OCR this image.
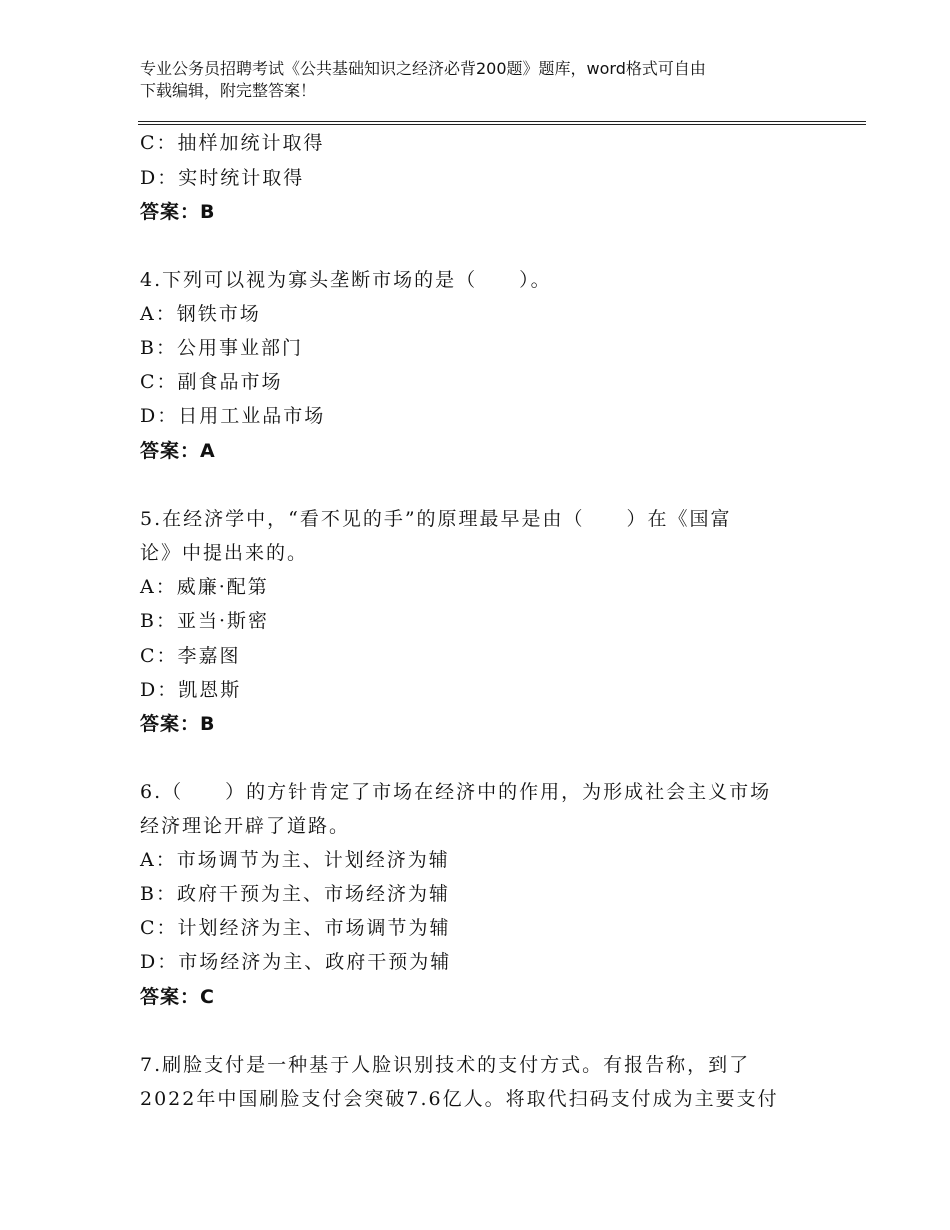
专业公务员招聘考试《公共基础知识之经济必背200题》题库，word格式可自由
下载编辑，附完整答案！
C：抽样加统计取得
D：实时统计取得
答案：B
4.下列可以视为寡头垄断市场的是（　　）。
A：钢铁市场
B：公用事业部门
C：副食品市场
D：日用工业品市场
答案：A
5.在经济学中，“看不见的手”的原理最早是由（　　）在《国富
论》中提出来的。
A：威廉·配第
B：亚当·斯密
C：李嘉图
D：凯恩斯
答案：B
6.（　　）的方针肯定了市场在经济中的作用，为形成社会主义市场
经济理论开辟了道路。
A：市场调节为主、计划经济为辅
B：政府干预为主、市场经济为辅
C：计划经济为主、市场调节为辅
D：市场经济为主、政府干预为辅
答案：C
7.刷脸支付是一种基于人脸识别技术的支付方式。有报告称，到了
2022年中国刷脸支付会突破7.6亿人。将取代扫码支付成为主要支付
